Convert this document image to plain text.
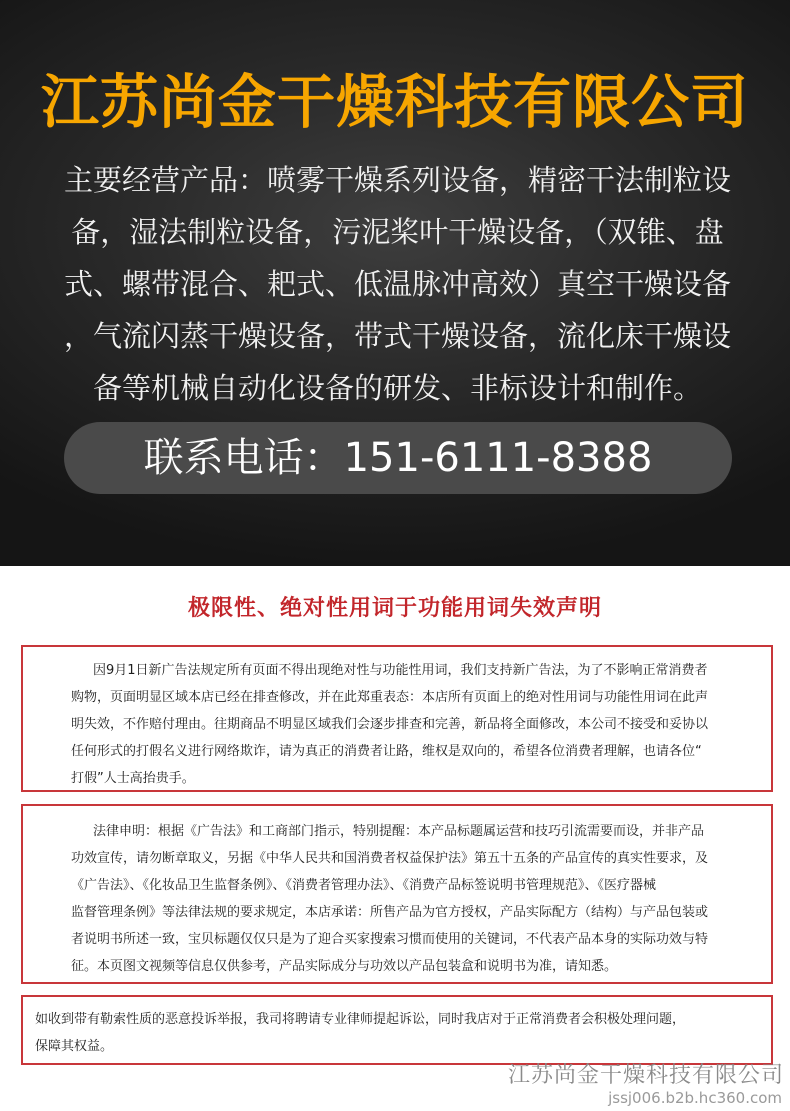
江苏尚金干燥科技有限公司
主要经营产品：喷雾干燥系列设备，精密干法制粒设
备，湿法制粒设备，污泥桨叶干燥设备，（双锥、盘
式、螺带混合、耙式、低温脉冲高效）真空干燥设备
，气流闪蒸干燥设备，带式干燥设备，流化床干燥设
备等机械自动化设备的研发、非标设计和制作。
联系电话：151-6111-8388
极限性、绝对性用词于功能用词失效声明
因9月1日新广告法规定所有页面不得出现绝对性与功能性用词，我们支持新广告法，为了不影响正常消费者
购物，页面明显区域本店已经在排查修改，并在此郑重表态：本店所有页面上的绝对性用词与功能性用词在此声
明失效，不作赔付理由。往期商品不明显区域我们会逐步排查和完善，新品将全面修改，本公司不接受和妥协以
任何形式的打假名义进行网络欺诈，请为真正的消费者让路，维权是双向的，希望各位消费者理解，也请各位“
打假”人士高抬贵手。
法律申明：根据《广告法》和工商部门指示，特别提醒：本产品标题属运营和技巧引流需要而设，并非产品
功效宣传，请勿断章取义，另据《中华人民共和国消费者权益保护法》第五十五条的产品宣传的真实性要求，及
《广告法》、《化妆品卫生监督条例》、《消费者管理办法》、《消费产品标签说明书管理规范》、《医疗器械
监督管理条例》等法律法规的要求规定，本店承诺：所售产品为官方授权，产品实际配方（结构）与产品包装或
者说明书所述一致，宝贝标题仅仅只是为了迎合买家搜索习惯而使用的关键词，不代表产品本身的实际功效与特
征。本页图文视频等信息仅供参考，产品实际成分与功效以产品包装盒和说明书为准，请知悉。
如收到带有勒索性质的恶意投诉举报，我司将聘请专业律师提起诉讼，同时我店对于正常消费者会积极处理问题，
保障其权益。
江苏尚金干燥科技有限公司
jssj006.b2b.hc360.com
